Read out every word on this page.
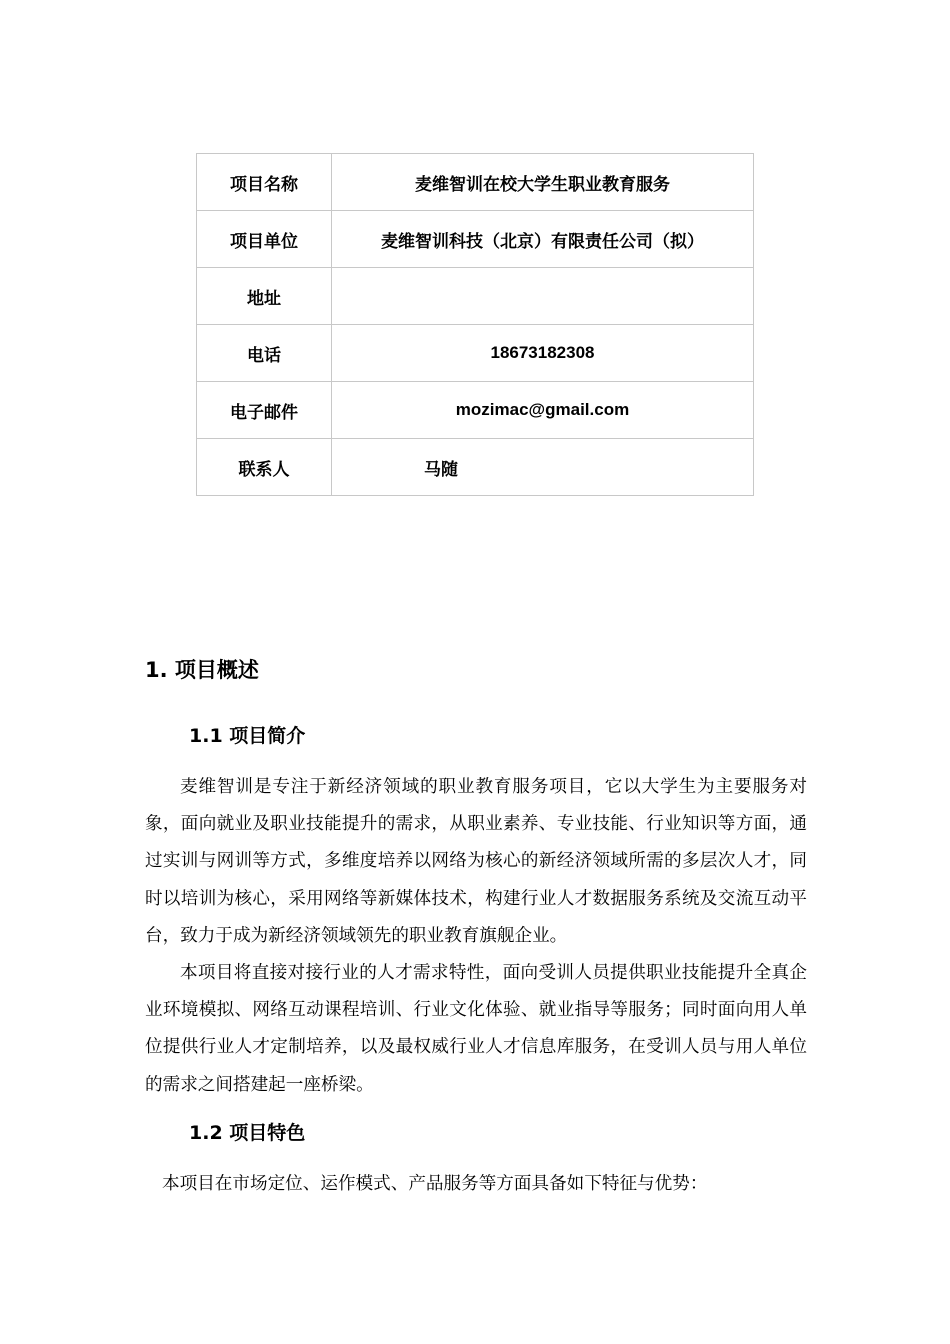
项目名称	麦维智训在校大学生职业教育服务
项目单位	麦维智训科技（北京）有限责任公司（拟）
地址	
电话	18673182308
电子邮件	mozimac@gmail.com
联系人	马随
1. 项目概述
1.1 项目简介

麦维智训是专注于新经济领域的职业教育服务项目，它以大学生为主要服务对象，面向就业及职业技能提升的需求，从职业素养、专业技能、行业知识等方面，通过实训与网训等方式，多维度培养以网络为核心的新经济领域所需的多层次人才，同时以培训为核心，采用网络等新媒体技术，构建行业人才数据服务系统及交流互动平台，致力于成为新经济领域领先的职业教育旗舰企业。

本项目将直接对接行业的人才需求特性，面向受训人员提供职业技能提升全真企业环境模拟、网络互动课程培训、行业文化体验、就业指导等服务；同时面向用人单位提供行业人才定制培养，以及最权威行业人才信息库服务，在受训人员与用人单位的需求之间搭建起一座桥梁。

1.2 项目特色

本项目在市场定位、运作模式、产品服务等方面具备如下特征与优势：
